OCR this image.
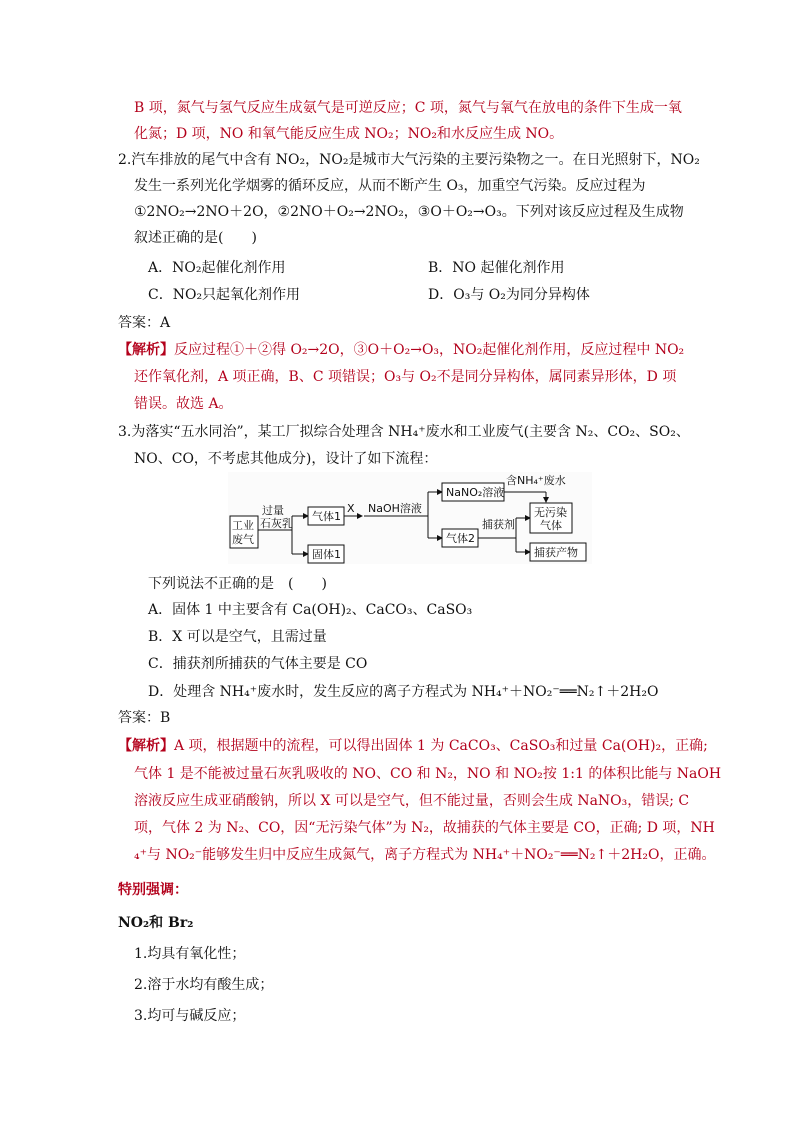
B 项，氮气与氢气反应生成氨气是可逆反应；C 项，氮气与氧气在放电的条件下生成一氧
化氮；D 项，NO 和氧气能反应生成 NO₂；NO₂和水反应生成 NO。
2.汽车排放的尾气中含有 NO₂，NO₂是城市大气污染的主要污染物之一。在日光照射下，NO₂
发生一系列光化学烟雾的循环反应，从而不断产生 O₃，加重空气污染。反应过程为
①2NO₂→2NO＋2O，②2NO＋O₂→2NO₂，③O＋O₂→O₃。下列对该反应过程及生成物
叙述正确的是(　　)
A．NO₂起催化剂作用	B．NO 起催化剂作用
C．NO₂只起氧化剂作用	D．O₃与 O₂为同分异构体
答案：A
【解析】反应过程①＋②得 O₂→2O，③O＋O₂→O₃，NO₂起催化剂作用，反应过程中 NO₂
还作氧化剂，A 项正确，B、C 项错误；O₃与 O₂不是同分异构体，属同素异形体，D 项
错误。故选 A。
3.为落实“五水同治”，某工厂拟综合处理含 NH₄⁺废水和工业废气(主要含 N₂、CO₂、SO₂、
NO、CO，不考虑其他成分)，设计了如下流程：
工业
废气
过量
石灰乳
气体1
X NaOH溶液
NaNO₂溶液
含NH₄⁺废水
气体2
捕获剂
无污染
气体
捕获产物
固体1
下列说法不正确的是　(　　)
A．固体 1 中主要含有 Ca(OH)₂、CaCO₃、CaSO₃
B．X 可以是空气，且需过量
C．捕获剂所捕获的气体主要是 CO
D．处理含 NH₄⁺废水时，发生反应的离子方程式为 NH₄⁺＋NO₂⁻══N₂↑＋2H₂O
答案：B
【解析】A 项，根据题中的流程，可以得出固体 1 为 CaCO₃、CaSO₃和过量 Ca(OH)₂，正确;
气体 1 是不能被过量石灰乳吸收的 NO、CO 和 N₂，NO 和 NO₂按 1:1 的体积比能与 NaOH
溶液反应生成亚硝酸钠，所以 X 可以是空气，但不能过量，否则会生成 NaNO₃，错误; C
项，气体 2 为 N₂、CO，因“无污染气体”为 N₂，故捕获的气体主要是 CO，正确; D 项，NH
₄⁺与 NO₂⁻能够发生归中反应生成氮气，离子方程式为 NH₄⁺＋NO₂⁻══N₂↑＋2H₂O，正确。
特别强调：
NO₂和 Br₂
1.均具有氧化性；
2.溶于水均有酸生成；
3.均可与碱反应；
